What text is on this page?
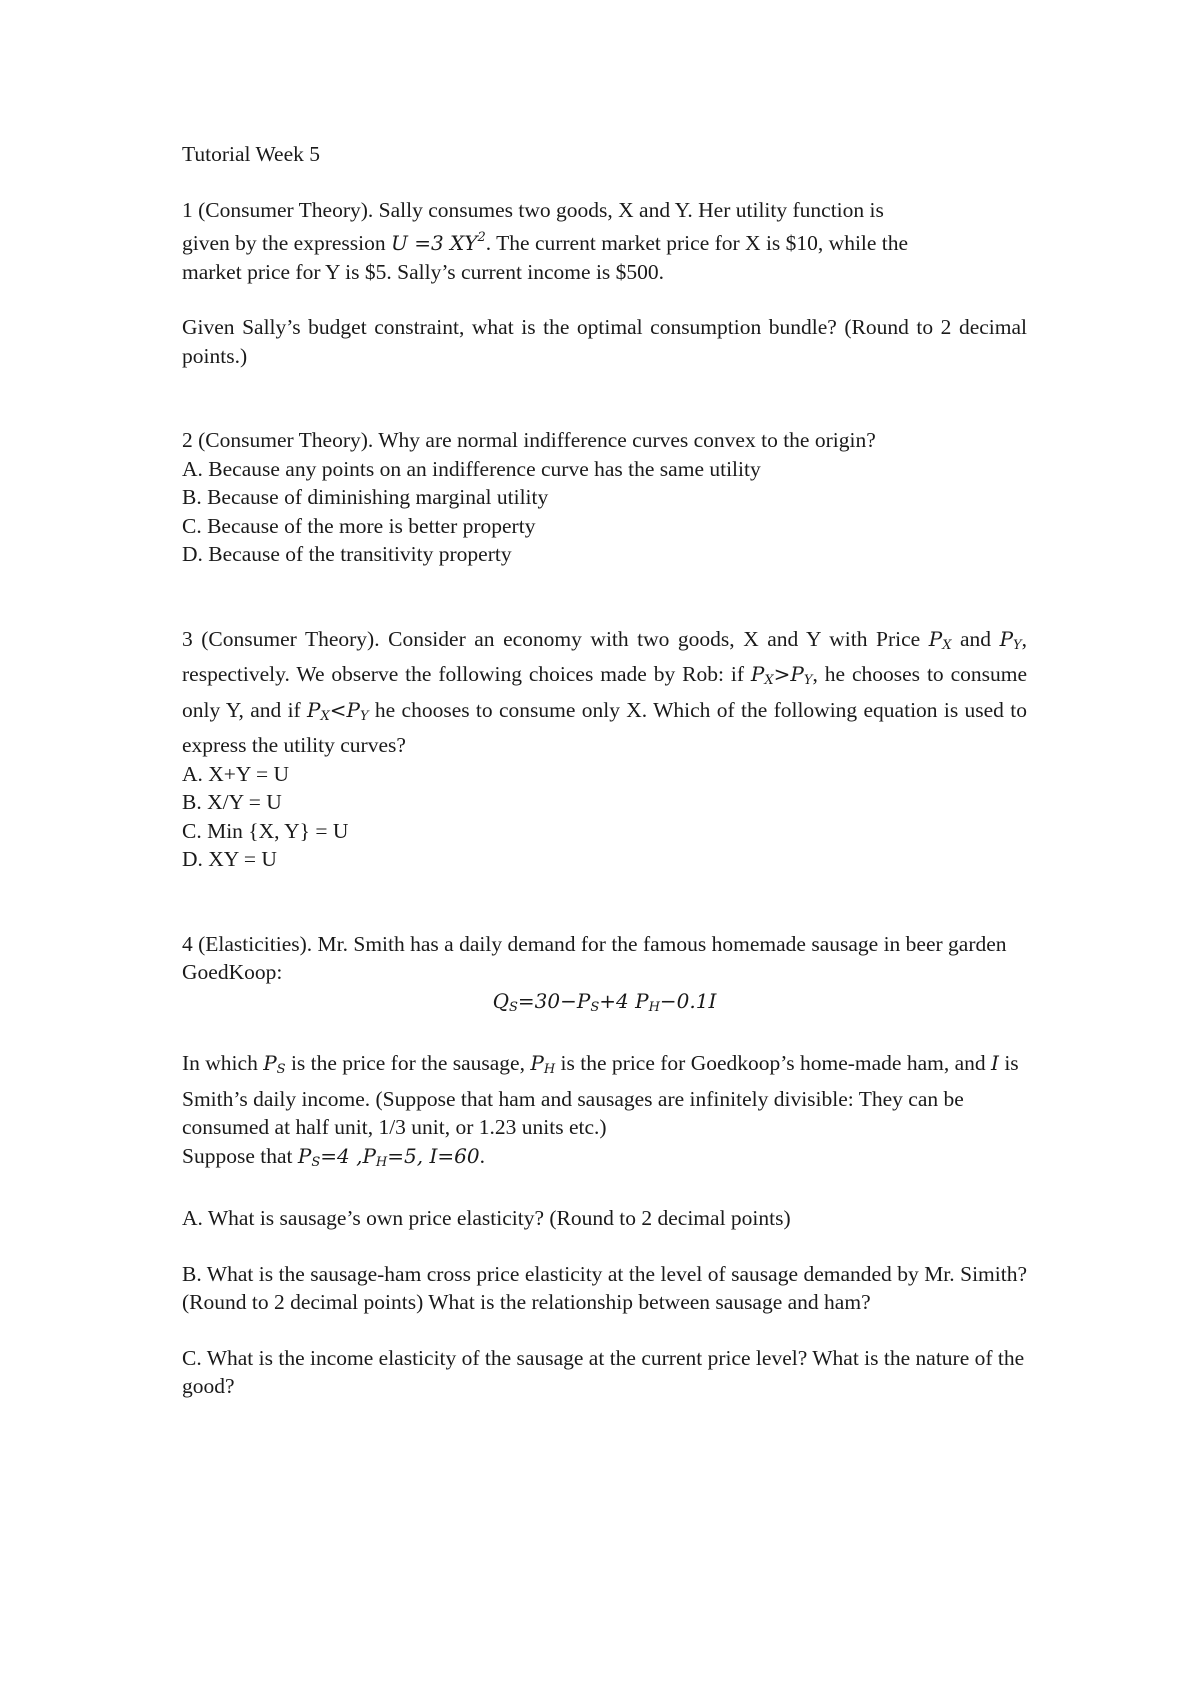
Tutorial Week 5

1 (Consumer Theory). Sally consumes two goods, X and Y. Her utility function is

given by the expression U =3 $XY^2$. The current market price for X is $10, while the

market price for Y is $5. Sally’s current income is $500.

Given Sally’s budget constraint, what is the optimal consumption bundle? (Round to 2 decimal points.)

2 (Consumer Theory). Why are normal indifference curves convex to the origin?

A. Because any points on an indifference curve has the same utility

B. Because of diminishing marginal utility

C. Because of the more is better property

D. Because of the transitivity property

3 (Consumer Theory). Consider an economy with two goods, X and Y with Price $P_X$ and $P_Y$, respectively. We observe the following choices made by Rob: if $P_X>P_Y$, he chooses to consume only Y, and if $P_X<P_Y$ he chooses to consume only X. Which of the following equation is used to express the utility curves?

A. X+Y = U

B. X/Y = U

C. Min {X, Y} = U

D. XY = U

4 (Elasticities). Mr. Smith has a daily demand for the famous homemade sausage in beer garden GoedKoop:

$Q_S=30-P_S+4$ $P_H-0.1I$

In which $P_S$ is the price for the sausage, $P_H$ is the price for Goedkoop’s home-made ham, and I is Smith’s daily income. (Suppose that ham and sausages are infinitely divisible: They can be consumed at half unit, 1/3 unit, or 1.23 units etc.)

Suppose that $P_S=4$ $,P_H=5$, I=60.

A. What is sausage’s own price elasticity? (Round to 2 decimal points)

B. What is the sausage-ham cross price elasticity at the level of sausage demanded by Mr. Simith? (Round to 2 decimal points) What is the relationship between sausage and ham?

C. What is the income elasticity of the sausage at the current price level? What is the nature of the good?
